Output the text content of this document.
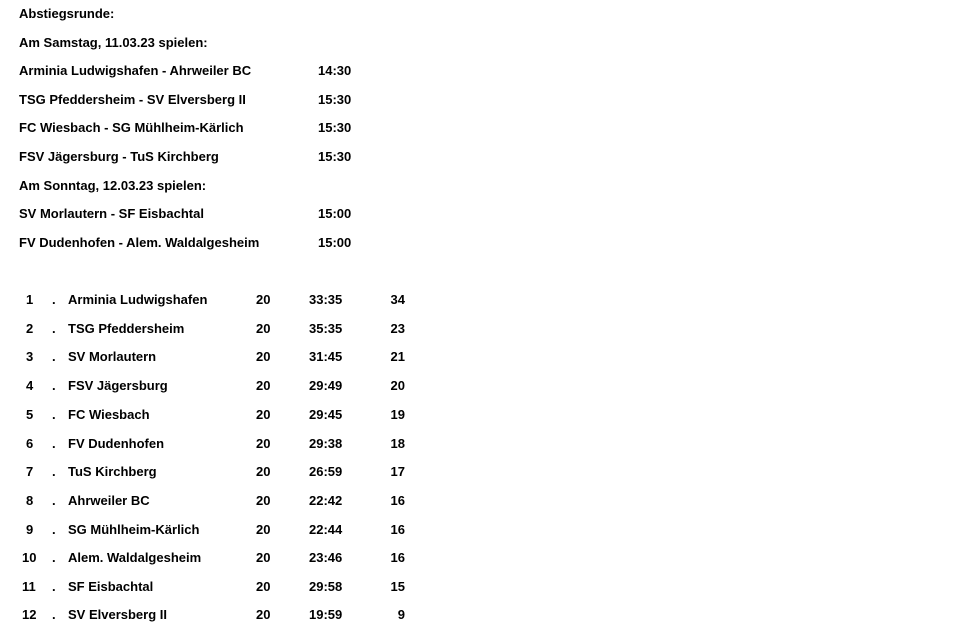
Abstiegsrunde:
Am Samstag, 11.03.23 spielen:
Arminia Ludwigshafen - Ahrweiler BC	14:30
TSG Pfeddersheim - SV Elversberg II	15:30
FC Wiesbach - SG Mühlheim-Kärlich	15:30
FSV Jägersburg - TuS Kirchberg	15:30
Am Sonntag, 12.03.23 spielen:
SV Morlautern - SF Eisbachtal	15:00
FV Dudenhofen - Alem. Waldalgesheim	15:00
1	. Arminia Ludwigshafen	20	33:35	34
2	. TSG Pfeddersheim	20	35:35	23
3	. SV Morlautern	20	31:45	21
4	. FSV Jägersburg	20	29:49	20
5	. FC Wiesbach	20	29:45	19
6	. FV Dudenhofen	20	29:38	18
7	. TuS Kirchberg	20	26:59	17
8	. Ahrweiler BC	20	22:42	16
9	. SG Mühlheim-Kärlich	20	22:44	16
10	. Alem. Waldalgesheim	20	23:46	16
11	. SF Eisbachtal	20	29:58	15
12	. SV Elversberg II	20	19:59	9
